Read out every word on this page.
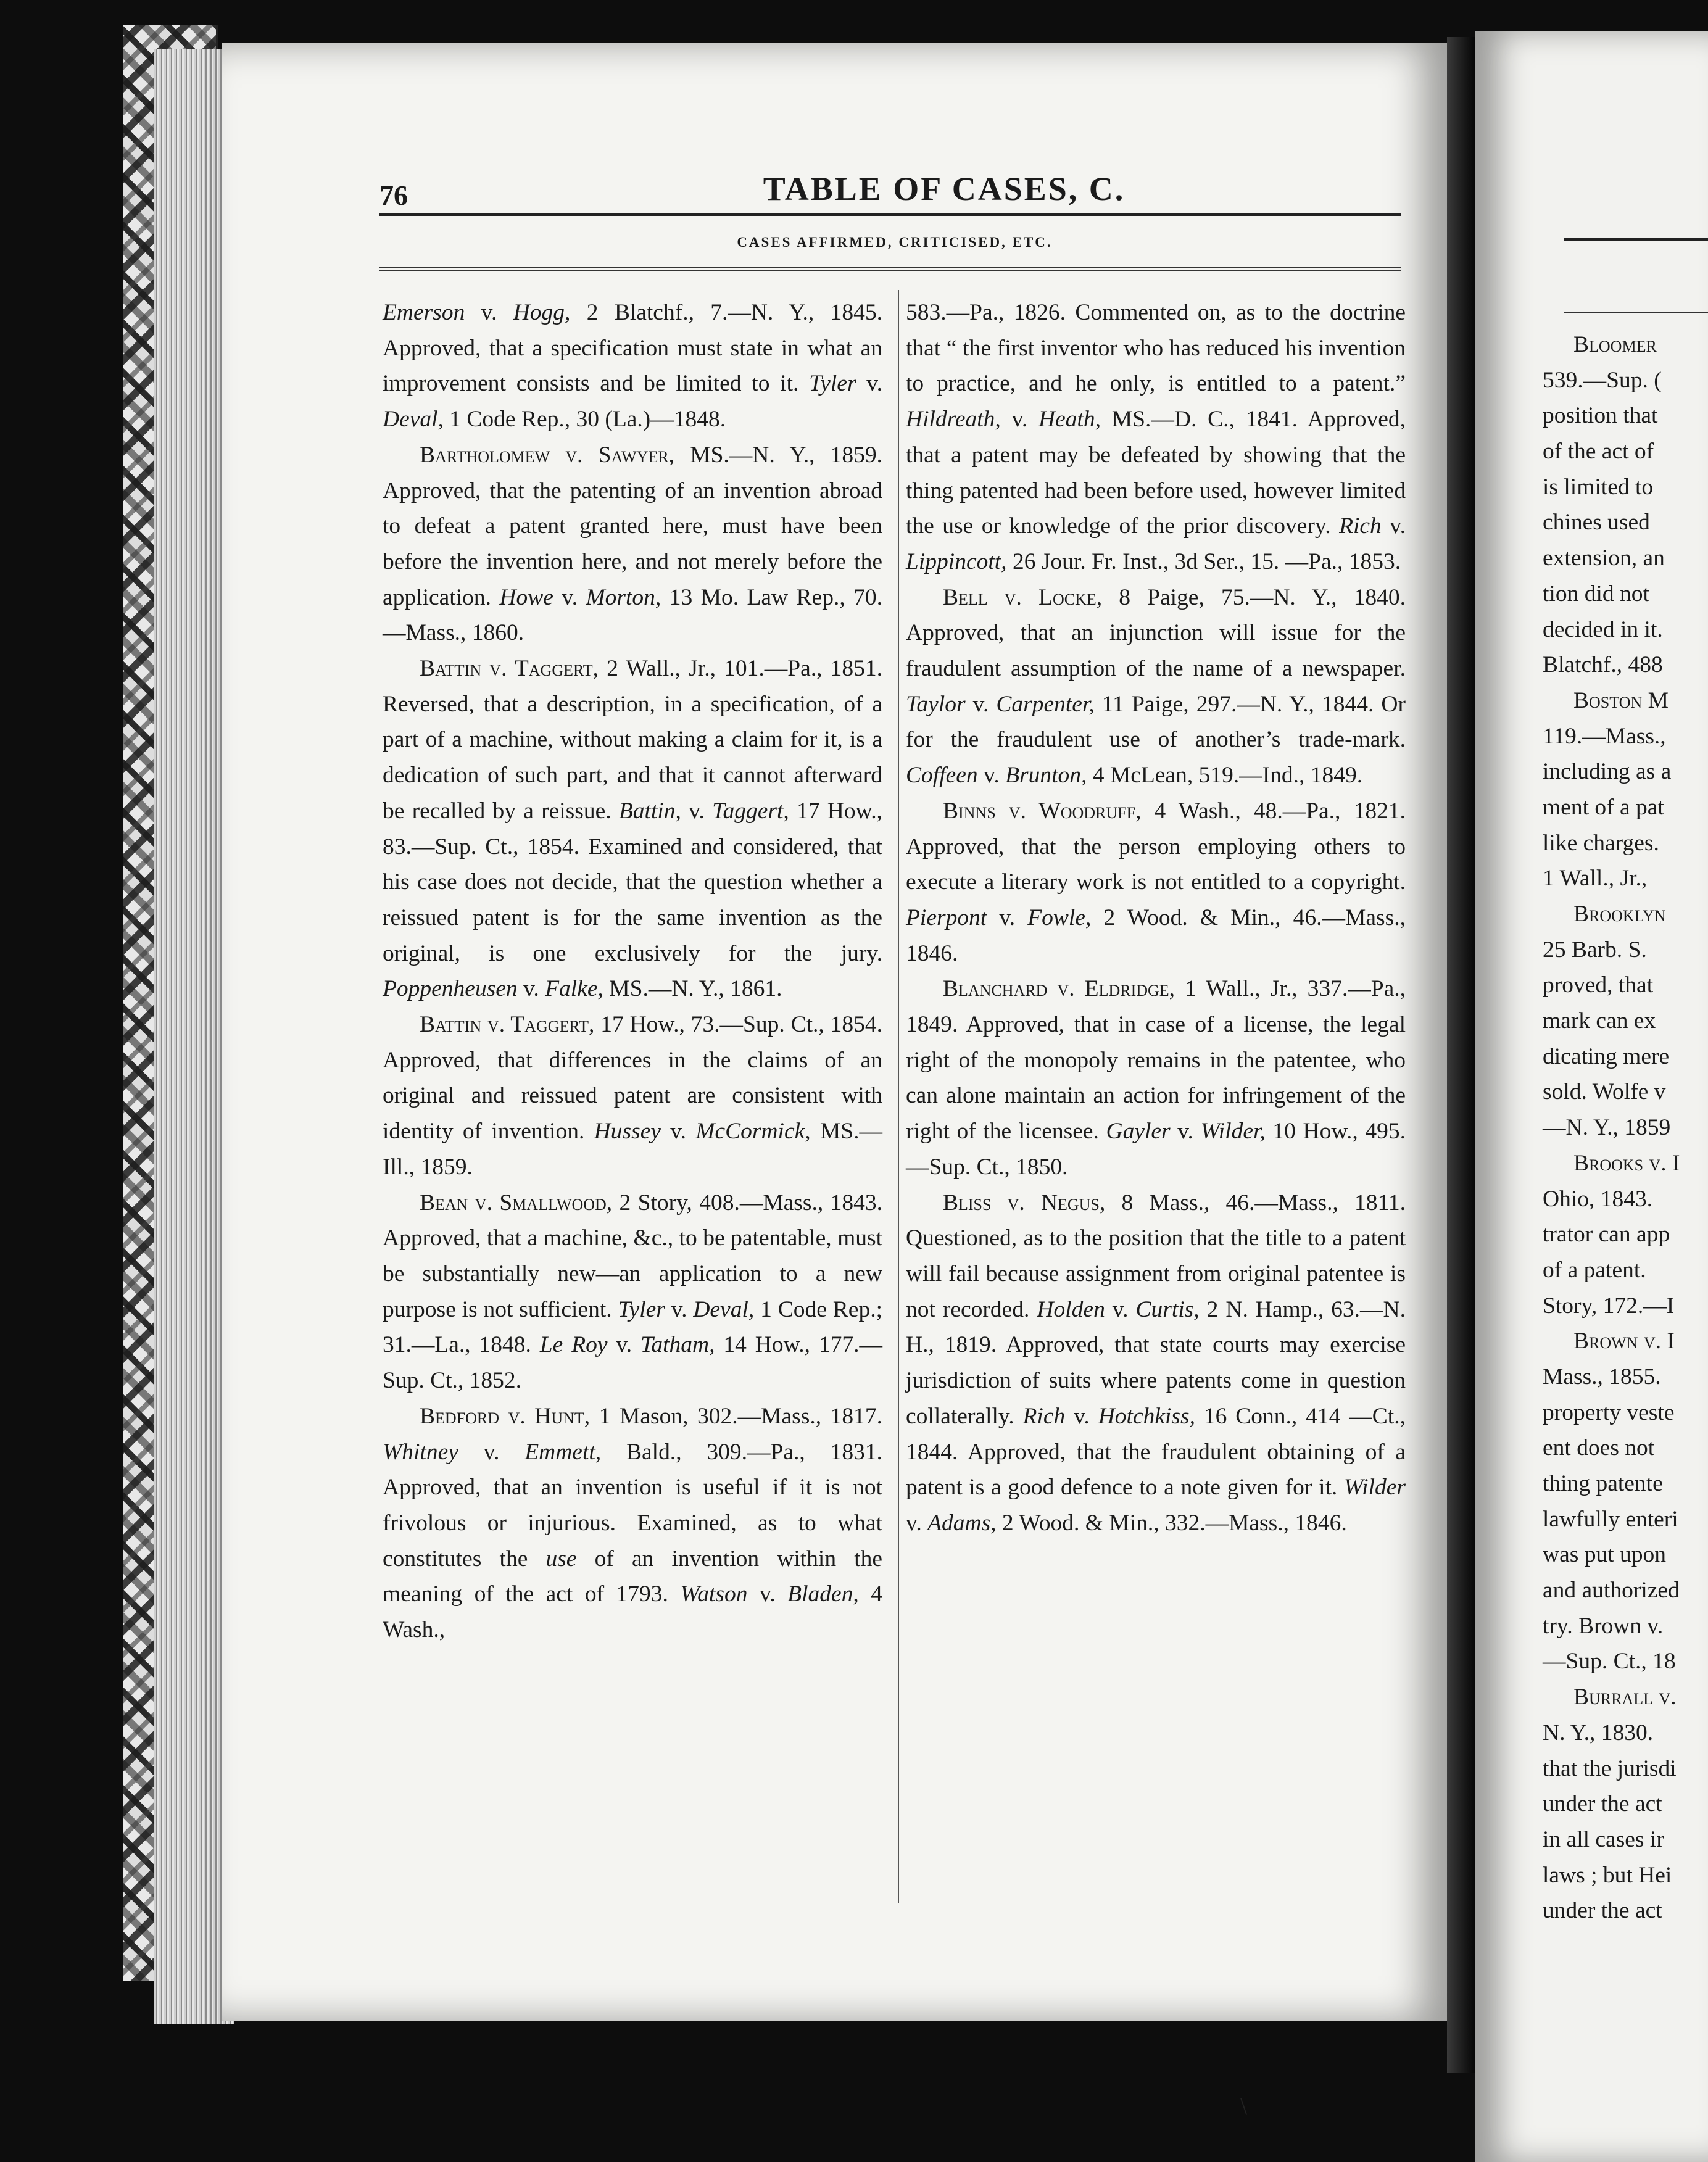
76	TABLE OF CASES, C.
CASES AFFIRMED, CRITICISED, ETC.

Emerson v. Hogg, 2 Blatchf., 7.—N. Y., 1845. Approved, that a specification must state in what an improvement consists and be limited to it. Tyler v. Deval, 1 Code Rep., 30 (La.)—1848.

Bartholomew v. Sawyer, MS.—N. Y., 1859. Approved, that the patenting of an invention abroad to defeat a patent granted here, must have been before the invention here, and not merely before the application. Howe v. Morton, 13 Mo. Law Rep., 70.—Mass., 1860.

Battin v. Taggert, 2 Wall., Jr., 101.—Pa., 1851. Reversed, that a description, in a specification, of a part of a machine, without making a claim for it, is a dedication of such part, and that it cannot afterward be recalled by a reissue. Battin, v. Taggert, 17 How., 83.—Sup. Ct., 1854. Examined and considered, that his case does not decide, that the question whether a reissued patent is for the same invention as the original, is one exclusively for the jury. Poppenheusen v. Falke, MS.—N. Y., 1861.

Battin v. Taggert, 17 How., 73.—Sup. Ct., 1854. Approved, that differences in the claims of an original and reissued patent are consistent with identity of invention. Hussey v. McCormick, MS.—Ill., 1859.

Bean v. Smallwood, 2 Story, 408.—Mass., 1843. Approved, that a machine, &c., to be patentable, must be substantially new—an application to a new purpose is not sufficient. Tyler v. Deval, 1 Code Rep.; 31.—La., 1848. Le Roy v. Tatham, 14 How., 177.—Sup. Ct., 1852.

Bedford v. Hunt, 1 Mason, 302.—Mass., 1817. Whitney v. Emmett, Bald., 309.—Pa., 1831. Approved, that an invention is useful if it is not frivolous or injurious. Examined, as to what constitutes the use of an invention within the meaning of the act of 1793. Watson v. Bladen, 4 Wash.,

583.—Pa., 1826. Commented on, as to the doctrine that “ the first inventor who has reduced his invention to practice, and he only, is entitled to a patent.” Hildreath, v. Heath, MS.—D. C., 1841. Approved, that a patent may be defeated by showing that the thing patented had been before used, however limited the use or knowledge of the prior discovery. Rich v. Lippincott, 26 Jour. Fr. Inst., 3d Ser., 15. —Pa., 1853.

Bell v. Locke, 8 Paige, 75.—N. Y., 1840. Approved, that an injunction will issue for the fraudulent assumption of the name of a newspaper. Taylor v. Carpenter, 11 Paige, 297.—N. Y., 1844. Or for the fraudulent use of another’s trade-mark. Coffeen v. Brunton, 4 McLean, 519.—Ind., 1849.

Binns v. Woodruff, 4 Wash., 48.—Pa., 1821. Approved, that the person employing others to execute a literary work is not entitled to a copyright. Pierpont v. Fowle, 2 Wood. & Min., 46.—Mass., 1846.

Blanchard v. Eldridge, 1 Wall., Jr., 337.—Pa., 1849. Approved, that in case of a license, the legal right of the monopoly remains in the patentee, who can alone maintain an action for infringement of the right of the licensee. Gayler v. Wilder, 10 How., 495.—Sup. Ct., 1850.

Bliss v. Negus, 8 Mass., 46.—Mass., 1811. Questioned, as to the position that the title to a patent will fail because assignment from original patentee is not recorded. Holden v. Curtis, 2 N. Hamp., 63.—N. H., 1819. Approved, that state courts may exercise jurisdiction of suits where patents come in question collaterally. Rich v. Hotchkiss, 16 Conn., 414 —Ct., 1844. Approved, that the fraudulent obtaining of a patent is a good defence to a note given for it. Wilder v. Adams, 2 Wood. & Min., 332.—Mass., 1846.

Bloomer
539.—Sup. (
position that
of the act of
is limited to
chines used
extension, an
tion did not
decided in it.
Blatchf., 488
Boston M
119.—Mass.,
including as a
ment of a pat
like charges.
1 Wall., Jr.,
Brooklyn
25 Barb. S.
proved, that
mark can ex
dicating mere
sold. Wolfe v
—N. Y., 1859
Brooks v. I
Ohio, 1843.
trator can app
of a patent.
Story, 172.—I
Brown v. I
Mass., 1855.
property veste
ent does not
thing patente
lawfully enteri
was put upon
and authorized
try. Brown v.
—Sup. Ct., 18
Burrall v.
N. Y., 1830.
that the jurisdi
under the act
in all cases ir
laws ; but Hei
under the act
\
